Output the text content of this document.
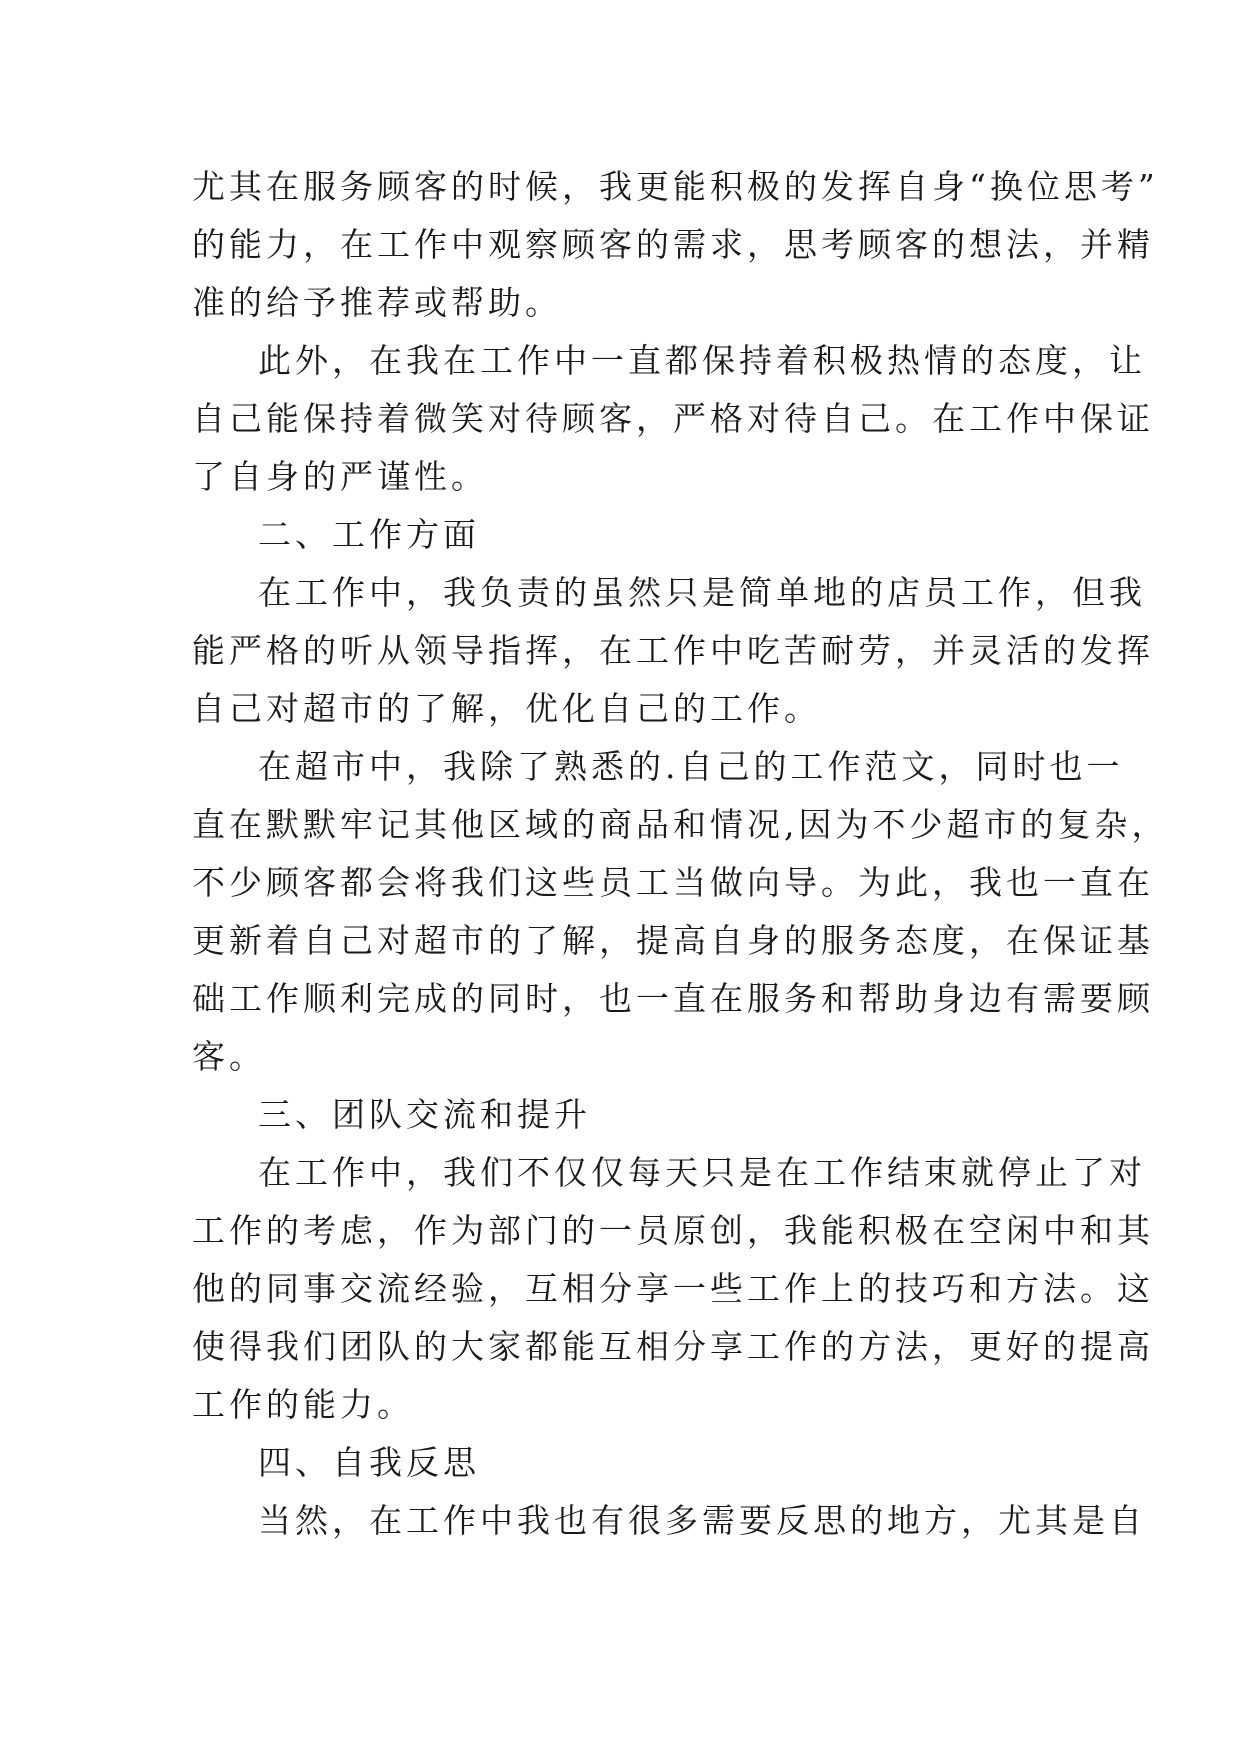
尤其在服务顾客的时候，我更能积极的发挥自身“换位思考”
的能力，在工作中观察顾客的需求，思考顾客的想法，并精
准的给予推荐或帮助。
此外，在我在工作中一直都保持着积极热情的态度，让
自己能保持着微笑对待顾客，严格对待自己。在工作中保证
了自身的严谨性。
二、工作方面
在工作中，我负责的虽然只是简单地的店员工作，但我
能严格的听从领导指挥，在工作中吃苦耐劳，并灵活的发挥
自己对超市的了解，优化自己的工作。
在超市中，我除了熟悉的.自己的工作范文，同时也一
直在默默牢记其他区域的商品和情况,因为不少超市的复杂，
不少顾客都会将我们这些员工当做向导。为此，我也一直在
更新着自己对超市的了解，提高自身的服务态度，在保证基
础工作顺利完成的同时，也一直在服务和帮助身边有需要顾
客。
三、团队交流和提升
在工作中，我们不仅仅每天只是在工作结束就停止了对
工作的考虑，作为部门的一员原创，我能积极在空闲中和其
他的同事交流经验，互相分享一些工作上的技巧和方法。这
使得我们团队的大家都能互相分享工作的方法，更好的提高
工作的能力。
四、自我反思
当然，在工作中我也有很多需要反思的地方，尤其是自
